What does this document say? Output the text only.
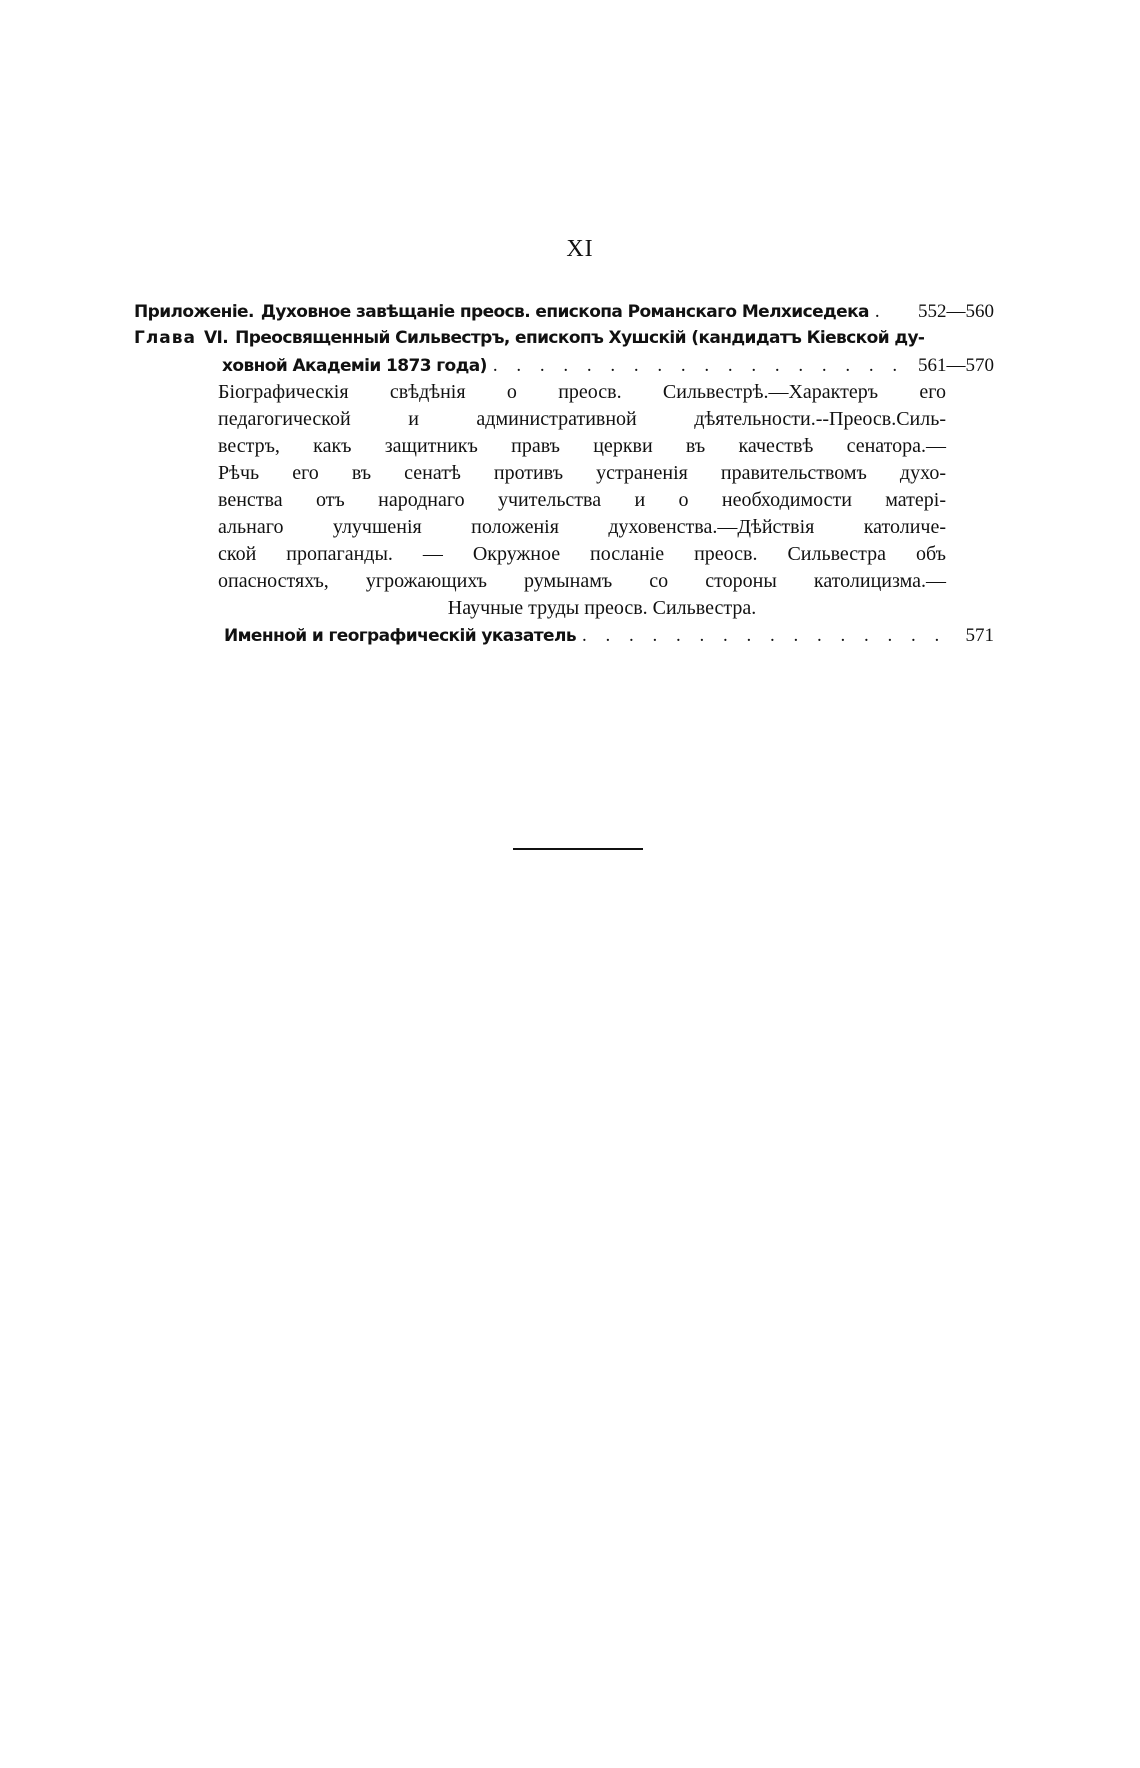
XI
Приложеніе. Духовное завѣщаніе преосв. епископа Романскаго Мелхиседека . . .	552—560
Глава VI. Преосвященный Сильвестръ, епископъ Хушскій (кандидатъ Кіевской ду-
ховной Академіи 1873 года) . . .	561—570
Біографическія свѣдѣнія о преосв. Сильвестрѣ.—Характеръ его
педагогической и административной дѣятельности.--Преосв.Силь-
вестръ, какъ защитникъ правъ церкви въ качествѣ сенатора.—
Рѣчь его въ сенатѣ противъ устраненія правительствомъ духо-
венства отъ народнаго учительства и о необходимости матері-
альнаго улучшенія положенія духовенства.—Дѣйствія католиче-
ской пропаганды. — Окружное посланіе преосв. Сильвестра объ
опасностяхъ, угрожающихъ румынамъ со стороны католицизма.—
Научные труды преосв. Сильвестра.
Именной и географическій указатель . . .	571
